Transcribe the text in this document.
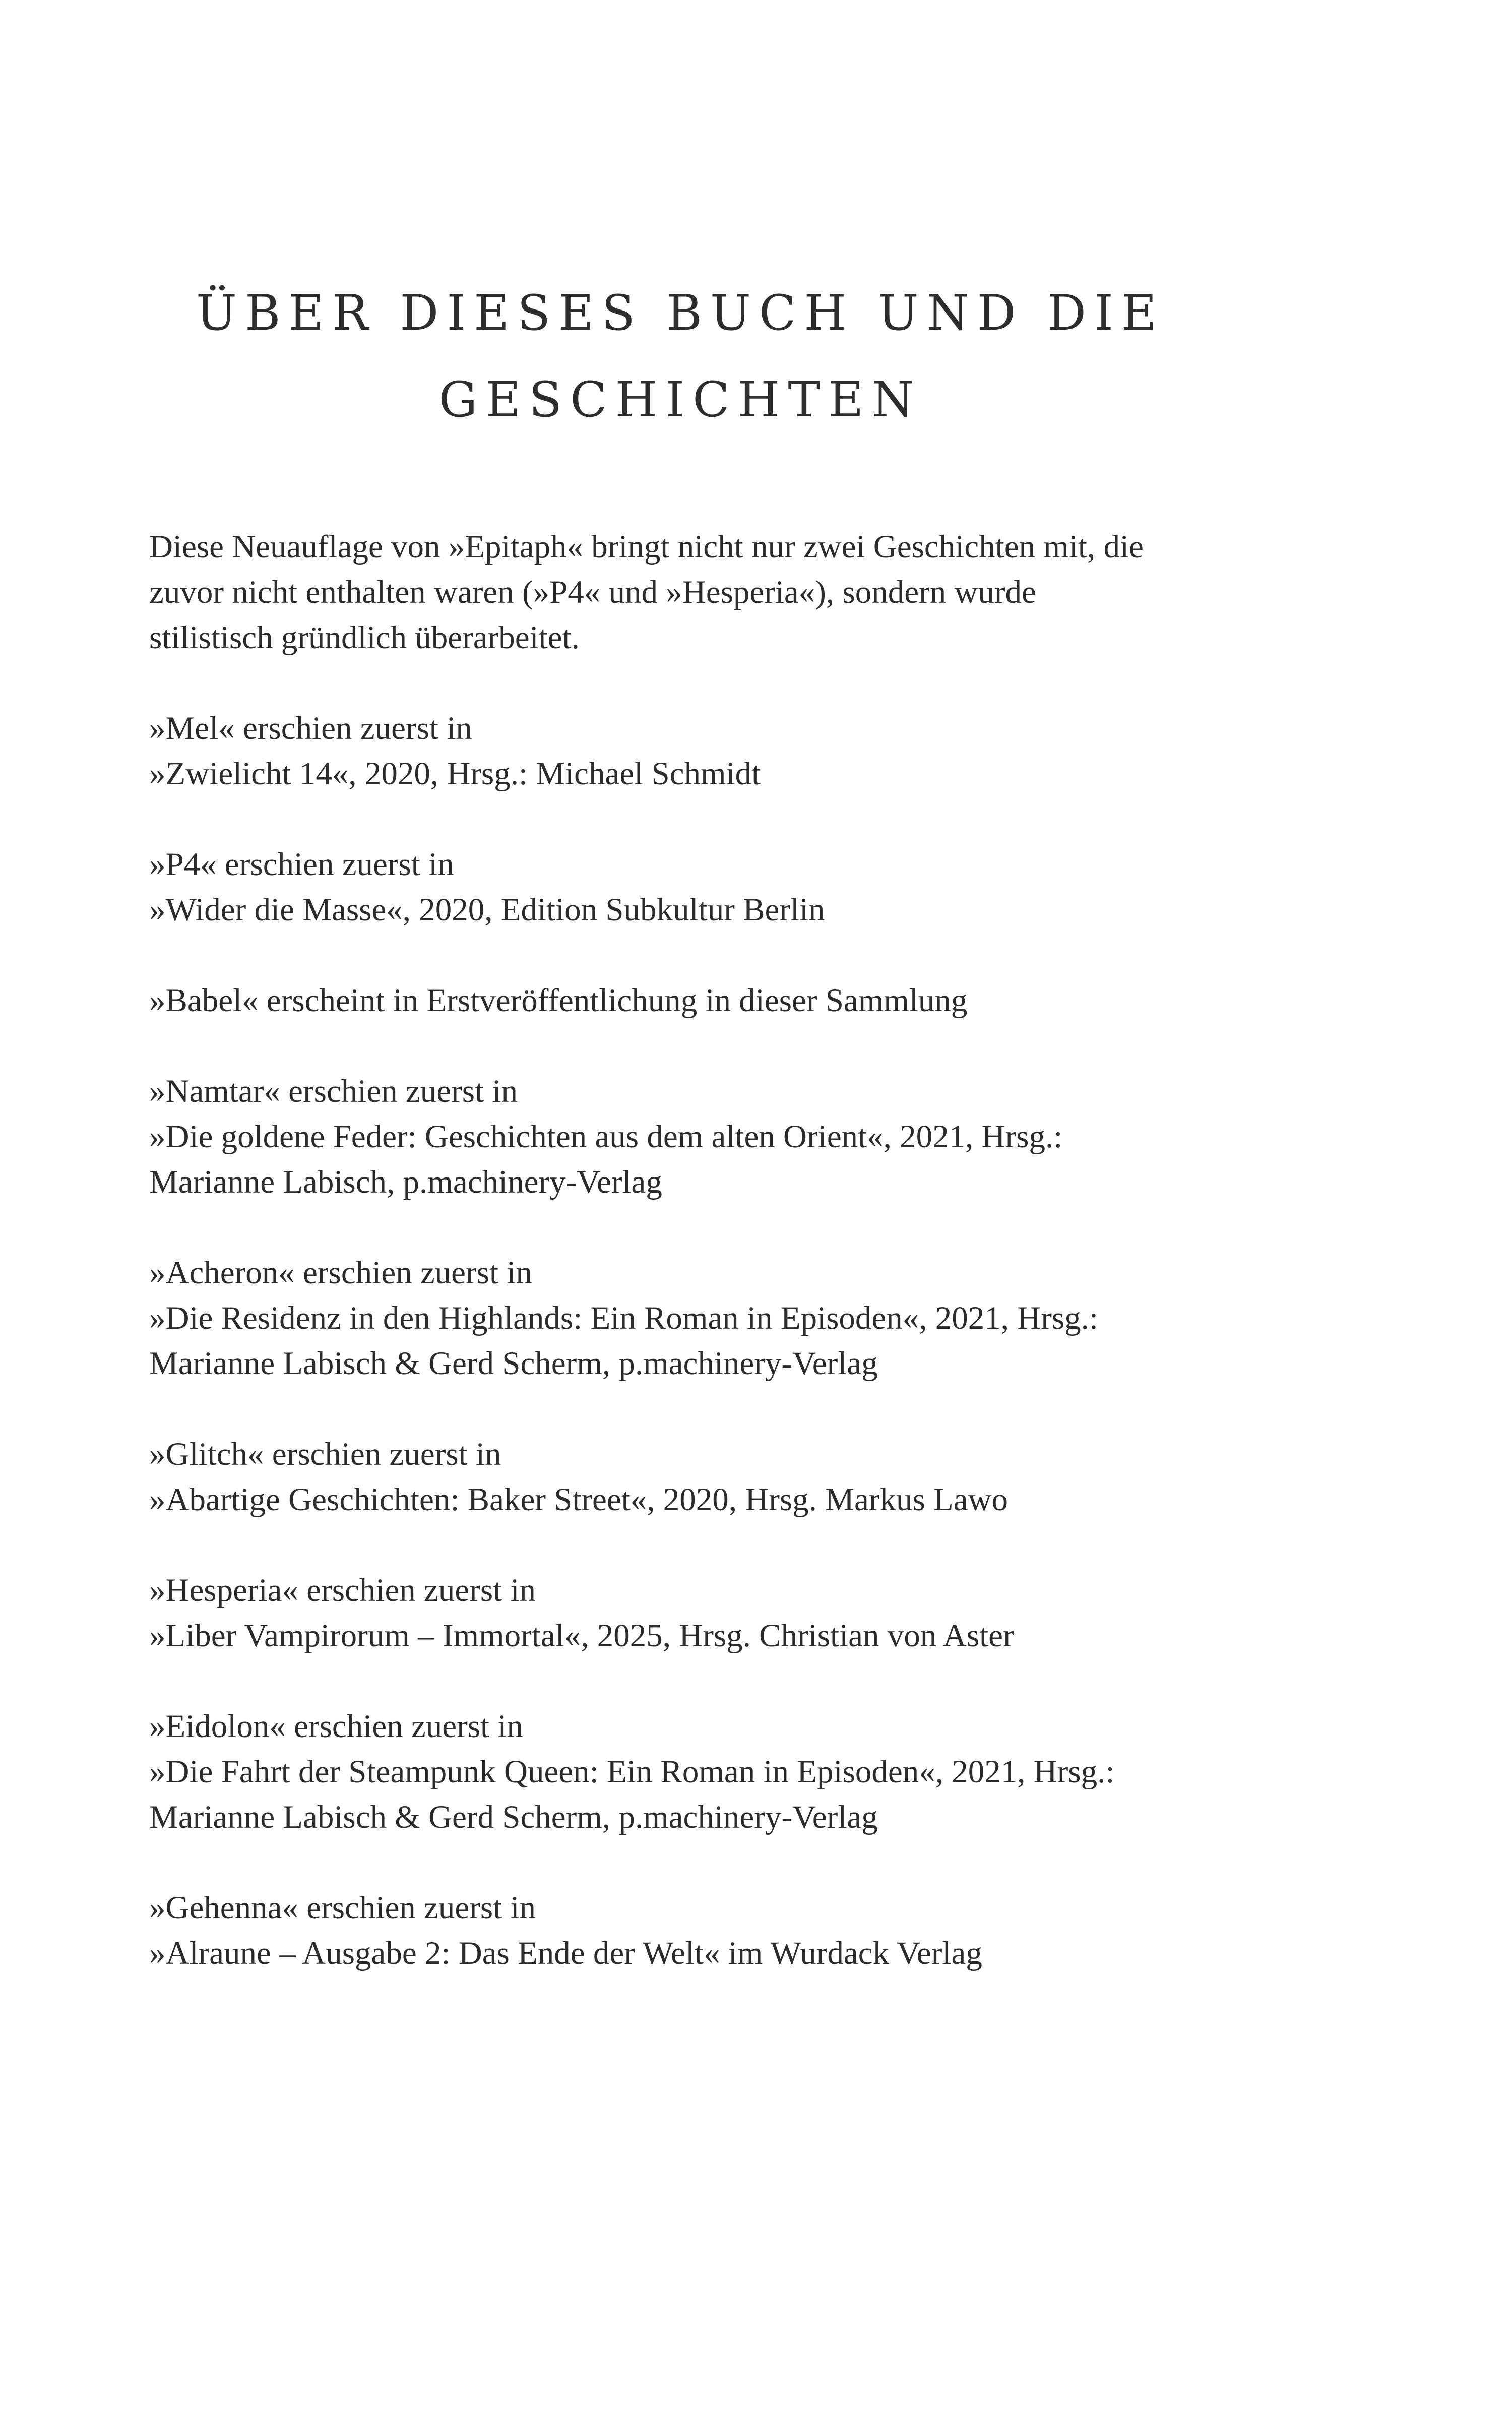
ÜBER DIESES BUCH UND DIE
GESCHICHTEN

Diese Neuauflage von »Epitaph« bringt nicht nur zwei Geschichten mit, die
zuvor nicht enthalten waren (»P4« und »Hesperia«), sondern wurde
stilistisch gründlich überarbeitet.

»Mel« erschien zuerst in
»Zwielicht 14«, 2020, Hrsg.: Michael Schmidt

»P4« erschien zuerst in
»Wider die Masse«, 2020, Edition Subkultur Berlin

»Babel« erscheint in Erstveröffentlichung in dieser Sammlung

»Namtar« erschien zuerst in
»Die goldene Feder: Geschichten aus dem alten Orient«, 2021, Hrsg.:
Marianne Labisch, p.machinery-Verlag

»Acheron« erschien zuerst in
»Die Residenz in den Highlands: Ein Roman in Episoden«, 2021, Hrsg.:
Marianne Labisch & Gerd Scherm, p.machinery-Verlag

»Glitch« erschien zuerst in
»Abartige Geschichten: Baker Street«, 2020, Hrsg. Markus Lawo

»Hesperia« erschien zuerst in
»Liber Vampirorum – Immortal«, 2025, Hrsg. Christian von Aster

»Eidolon« erschien zuerst in
»Die Fahrt der Steampunk Queen: Ein Roman in Episoden«, 2021, Hrsg.:
Marianne Labisch & Gerd Scherm, p.machinery-Verlag

»Gehenna« erschien zuerst in
»Alraune – Ausgabe 2: Das Ende der Welt« im Wurdack Verlag
